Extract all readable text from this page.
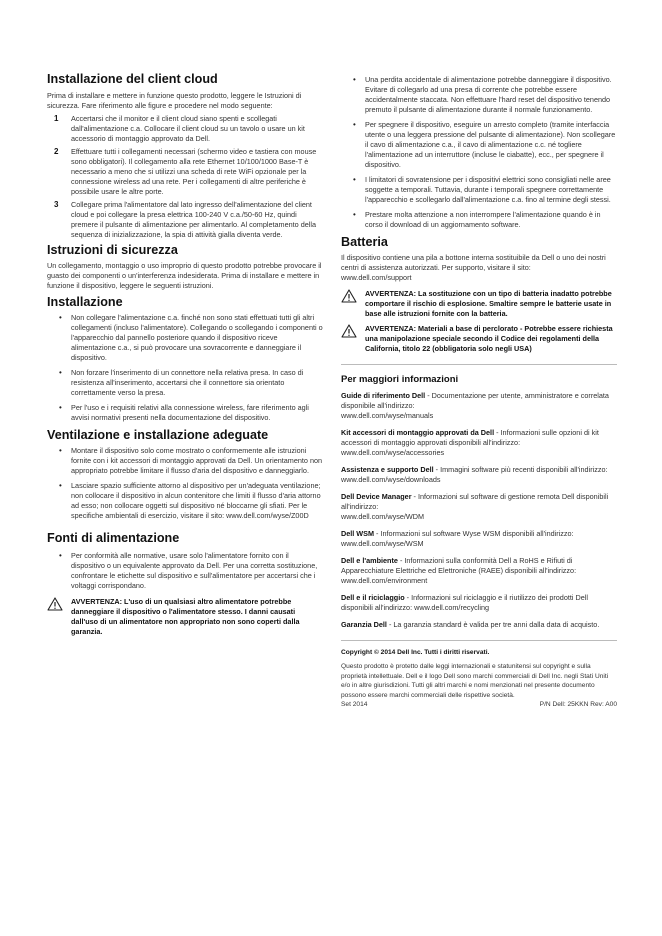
Installazione del client cloud

Prima di installare e mettere in funzione questo prodotto, leggere le Istruzioni di sicurezza. Fare riferimento alle figure e procedere nel modo seguente:

1 Accertarsi che il monitor e il client cloud siano spenti e scollegati dall'alimentazione c.a. Collocare il client cloud su un tavolo o usare un kit accessorio di montaggio approvato da Dell.
2 Effettuare tutti i collegamenti necessari (schermo video e tastiera con mouse sono obbligatori). Il collegamento alla rete Ethernet 10/100/1000 Base-T è necessario a meno che si utilizzi una scheda di rete WiFi opzionale per la connessione wireless ad una rete. Per i collegamenti di altre periferiche è possibile usare le altre porte.
3 Collegare prima l'alimentatore dal lato ingresso dell'alimentazione del client cloud e poi collegare la presa elettrica 100-240 V c.a./50-60 Hz, quindi premere il pulsante di alimentazione per alimentarlo. Al completamento della sequenza di inizializzazione, la spia di attività gialla diventa verde.
Istruzioni di sicurezza

Un collegamento, montaggio o uso improprio di questo prodotto potrebbe provocare il guasto dei componenti o un'interferenza indesiderata. Prima di installare e mettere in funzione il dispositivo, leggere le seguenti istruzioni.

Installazione
• Non collegare l'alimentazione c.a. finché non sono stati effettuati tutti gli altri collegamenti (incluso l'alimentatore). Collegando o scollegando i componenti o l'apparecchio dal pannello posteriore quando il dispositivo riceve alimentazione c.a., si può provocare una sovracorrente e danneggiare il dispositivo.
• Non forzare l'inserimento di un connettore nella relativa presa. In caso di resistenza all'inserimento, accertarsi che il connettore sia orientato correttamente verso la presa.
• Per l'uso e i requisiti relativi alla connessione wireless, fare riferimento agli avvisi normativi presenti nella documentazione del dispositivo.
Ventilazione e installazione adeguate
• Montare il dispositivo solo come mostrato o conformemente alle istruzioni fornite con i kit accessori di montaggio approvati da Dell. Un orientamento non appropriato potrebbe limitare il flusso d'aria del dispositivo e danneggiarlo.
• Lasciare spazio sufficiente attorno al dispositivo per un'adeguata ventilazione; non collocare il dispositivo in alcun contenitore che limiti il flusso d'aria attorno ad esso; non collocare oggetti sul dispositivo né bloccarne gli sfiati. Per le specifiche ambientali di esercizio, visitare il sito: www.dell.com/wyse/Z00D
Fonti di alimentazione
• Per conformità alle normative, usare solo l'alimentatore fornito con il dispositivo o un equivalente approvato da Dell. Per una corretta sostituzione, confrontare le etichette sul dispositivo e sull'alimentatore per accertarsi che i voltaggi corrispondano.

AVVERTENZA: L'uso di un qualsiasi altro alimentatore potrebbe danneggiare il dispositivo o l'alimentatore stesso. I danni causati dall'uso di un alimentatore non appropriato non sono coperti dalla garanzia.

• Una perdita accidentale di alimentazione potrebbe danneggiare il dispositivo. Evitare di collegarlo ad una presa di corrente che potrebbe essere accidentalmente staccata. Non effettuare l'hard reset del dispositivo tenendo premuto il pulsante di alimentazione durante il normale funzionamento.
• Per spegnere il dispositivo, eseguire un arresto completo (tramite interfaccia utente o una leggera pressione del pulsante di alimentazione). Non scollegare il cavo di alimentazione c.a., il cavo di alimentazione c.c. né togliere l'alimentazione ad un interruttore (incluse le ciabatte), ecc., per spegnere il dispositivo.
• I limitatori di sovratensione per i dispositivi elettrici sono consigliati nelle aree soggette a temporali. Tuttavia, durante i temporali spegnere correttamente l'apparecchio e scollegarlo dall'alimentazione c.a. fino al termine degli stessi.
• Prestare molta attenzione a non interrompere l'alimentazione quando è in corso il download di un aggiornamento software.
Batteria

Il dispositivo contiene una pila a bottone interna sostituibile da Dell o uno dei nostri centri di assistenza autorizzati. Per supporto, visitare il sito:

www.dell.com/support

AVVERTENZA: La sostituzione con un tipo di batteria inadatto potrebbe comportare il rischio di esplosione. Smaltire sempre le batterie usate in base alle istruzioni fornite con la batteria.

AVVERTENZA: Materiali a base di perclorato - Potrebbe essere richiesta una manipolazione speciale secondo il Codice dei regolamenti della California, titolo 22 (obbligatoria solo negli USA)

Per maggiori informazioni
Guide di riferimento Dell - Documentazione per utente, amministratore e correlata disponibile all'indirizzo:
www.dell.com/wyse/manuals
Kit accessori di montaggio approvati da Dell - Informazioni sulle opzioni di kit accessori di montaggio approvati disponibili all'indirizzo:
www.dell.com/wyse/accessories
Assistenza e supporto Dell - Immagini software più recenti disponibili all'indirizzo:
www.dell.com/wyse/downloads
Dell Device Manager - Informazioni sul software di gestione remota Dell disponibili all'indirizzo:
www.dell.com/wyse/WDM
Dell WSM - Informazioni sul software Wyse WSM disponibili all'indirizzo:
www.dell.com/wyse/WSM
Dell e l'ambiente - Informazioni sulla conformità Dell a RoHS e Rifiuti di Apparecchiature Elettriche ed Elettroniche (RAEE) disponibili all'indirizzo: www.dell.com/environment
Dell e il riciclaggio - Informazioni sul riciclaggio e il riutilizzo dei prodotti Dell disponibili all'indirizzo: www.dell.com/recycling
Garanzia Dell - La garanzia standard è valida per tre anni dalla data di acquisto.

Copyright © 2014 Dell Inc. Tutti i diritti riservati.

Questo prodotto è protetto dalle leggi internazionali e statunitensi sul copyright e sulla proprietà intellettuale. Dell e il logo Dell sono marchi commerciali di Dell Inc. negli Stati Uniti e/o in altre giurisdizioni. Tutti gli altri marchi e nomi menzionati nel presente documento possono essere marchi commerciali delle rispettive società.

Set 2014	P/N Dell: 25KKN Rev: A00
